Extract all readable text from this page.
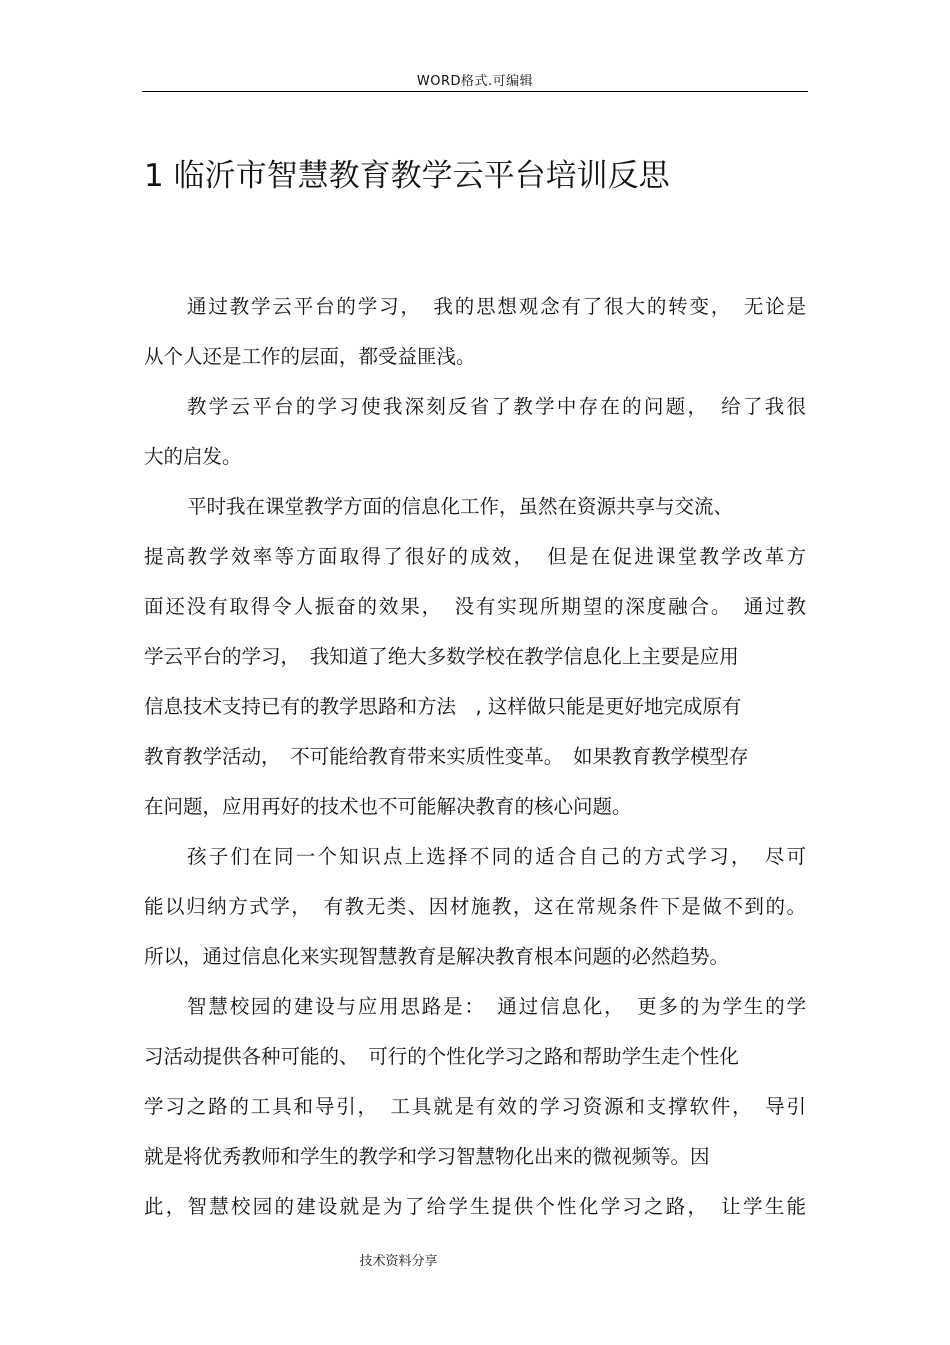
WORD格式.可编辑
1 临沂市智慧教育教学云平台培训反思
通过教学云平台的学习，　我的思想观念有了很大的转变，　无论是
从个人还是工作的层面，都受益匪浅。
教学云平台的学习使我深刻反省了教学中存在的问题，　给了我很
大的启发。
平时我在课堂教学方面的信息化工作，虽然在资源共享与交流、
提高教学效率等方面取得了很好的成效，　但是在促进课堂教学改革方
面还没有取得令人振奋的效果，　没有实现所期望的深度融合。　通过教
学云平台的学习，　我知道了绝大多数学校在教学信息化上主要是应用
信息技术支持已有的教学思路和方法　, 这样做只能是更好地完成原有
教育教学活动，　不可能给教育带来实质性变革。　如果教育教学模型存
在问题，应用再好的技术也不可能解决教育的核心问题。
孩子们在同一个知识点上选择不同的适合自己的方式学习，　尽可
能以归纳方式学，　有教无类、因材施教，这在常规条件下是做不到的。
所以，通过信息化来实现智慧教育是解决教育根本问题的必然趋势。
智慧校园的建设与应用思路是：　通过信息化，　更多的为学生的学
习活动提供各种可能的、　可行的个性化学习之路和帮助学生走个性化
学习之路的工具和导引，　工具就是有效的学习资源和支撑软件，　导引
就是将优秀教师和学生的教学和学习智慧物化出来的微视频等。因
此，智慧校园的建设就是为了给学生提供个性化学习之路，　让学生能
技术资料分享
